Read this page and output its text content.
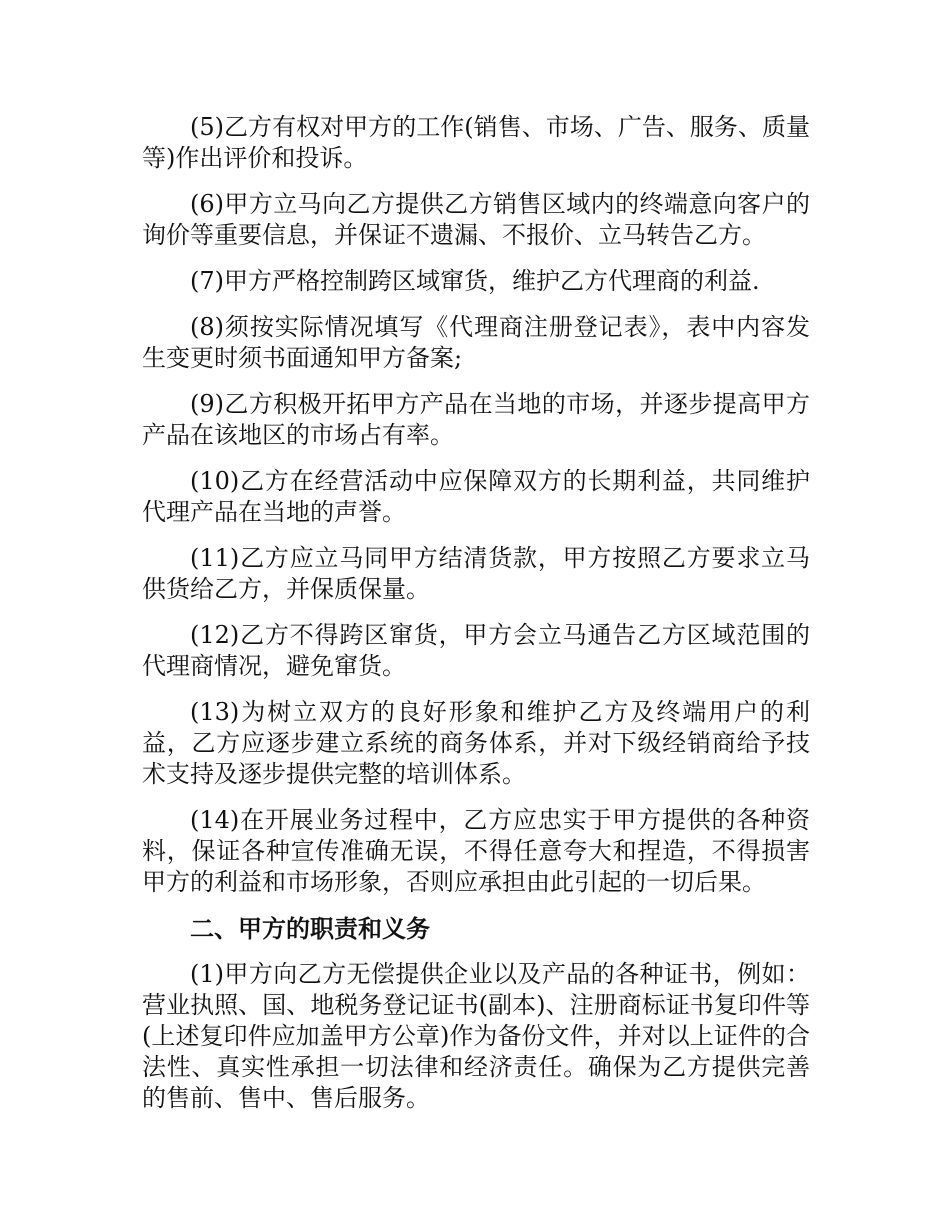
(5)乙方有权对甲方的工作(销售、市场、广告、服务、质量等)作出评价和投诉。

(6)甲方立马向乙方提供乙方销售区域内的终端意向客户的询价等重要信息，并保证不遗漏、不报价、立马转告乙方。

(7)甲方严格控制跨区域窜货，维护乙方代理商的利益.

(8)须按实际情况填写《代理商注册登记表》，表中内容发生变更时须书面通知甲方备案;

(9)乙方积极开拓甲方产品在当地的市场，并逐步提高甲方产品在该地区的市场占有率。

(10)乙方在经营活动中应保障双方的长期利益，共同维护代理产品在当地的声誉。

(11)乙方应立马同甲方结清货款，甲方按照乙方要求立马供货给乙方，并保质保量。

(12)乙方不得跨区窜货，甲方会立马通告乙方区域范围的代理商情况，避免窜货。

(13)为树立双方的良好形象和维护乙方及终端用户的利益，乙方应逐步建立系统的商务体系，并对下级经销商给予技术支持及逐步提供完整的培训体系。

(14)在开展业务过程中，乙方应忠实于甲方提供的各种资料，保证各种宣传准确无误，不得任意夸大和捏造，不得损害甲方的利益和市场形象，否则应承担由此引起的一切后果。

二、甲方的职责和义务

(1)甲方向乙方无偿提供企业以及产品的各种证书，例如：营业执照、国、地税务登记证书(副本)、注册商标证书复印件等(上述复印件应加盖甲方公章)作为备份文件，并对以上证件的合法性、真实性承担一切法律和经济责任。确保为乙方提供完善的售前、售中、售后服务。
